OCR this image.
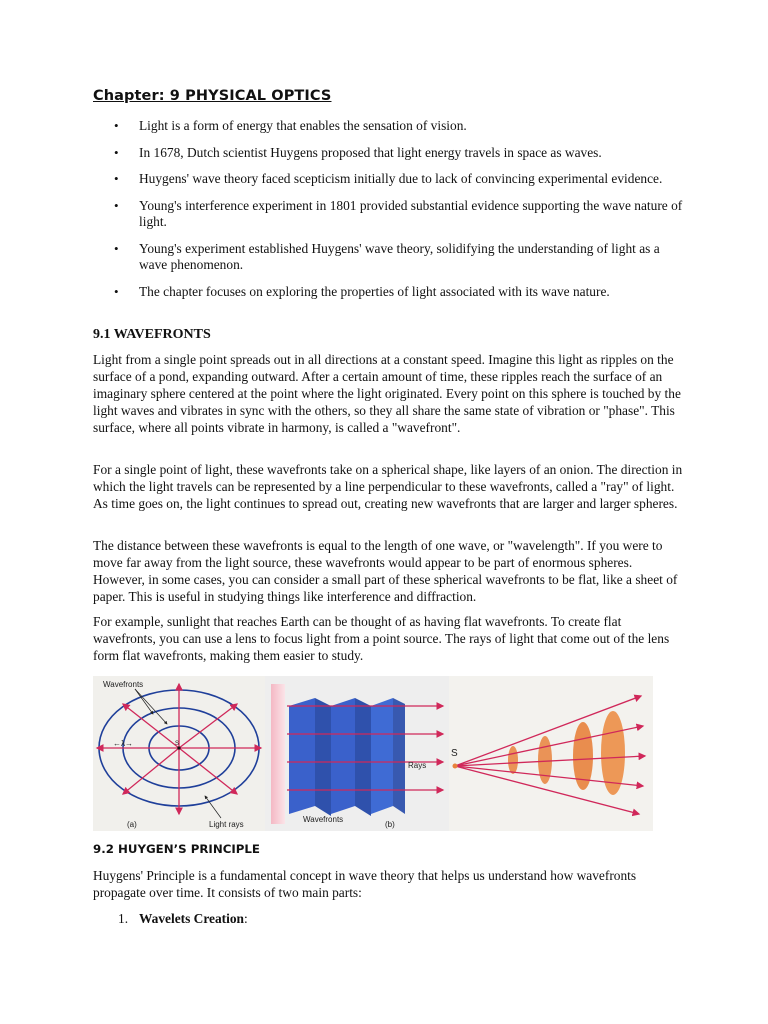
Chapter: 9 PHYSICAL OPTICS
• Light is a form of energy that enables the sensation of vision.
• In 1678, Dutch scientist Huygens proposed that light energy travels in space as waves.
• Huygens' wave theory faced scepticism initially due to lack of convincing experimental evidence.
• Young's interference experiment in 1801 provided substantial evidence supporting the wave nature of light.
• Young's experiment established Huygens' wave theory, solidifying the understanding of light as a wave phenomenon.
• The chapter focuses on exploring the properties of light associated with its wave nature.
9.1 WAVEFRONTS

Light from a single point spreads out in all directions at a constant speed. Imagine this light as ripples on the surface of a pond, expanding outward. After a certain amount of time, these ripples reach the surface of an imaginary sphere centered at the point where the light originated. Every point on this sphere is touched by the light waves and vibrates in sync with the others, so they all share the same state of vibration or "phase". This surface, where all points vibrate in harmony, is called a "wavefront".

For a single point of light, these wavefronts take on a spherical shape, like layers of an onion. The direction in which the light travels can be represented by a line perpendicular to these wavefronts, called a "ray" of light. As time goes on, the light continues to spread out, creating new wavefronts that are larger and larger spheres.

The distance between these wavefronts is equal to the length of one wave, or "wavelength". If you were to move far away from the light source, these wavefronts would appear to be part of enormous spheres. However, in some cases, you can consider a small part of these spherical wavefronts to be flat, like a sheet of paper. This is useful in studying things like interference and diffraction.

For example, sunlight that reaches Earth can be thought of as having flat wavefronts. To create flat wavefronts, you can use a lens to focus light from a point source. The rays of light that come out of the lens form flat wavefronts, making them easier to study.

Wavefronts
←λ→	S
(a)	Light rays
Rays
Wavefronts
(b)
S
9.2 HUYGEN’S PRINCIPLE

Huygens' Principle is a fundamental concept in wave theory that helps us understand how wavefronts propagate over time. It consists of two main parts:

1. Wavelets Creation:
